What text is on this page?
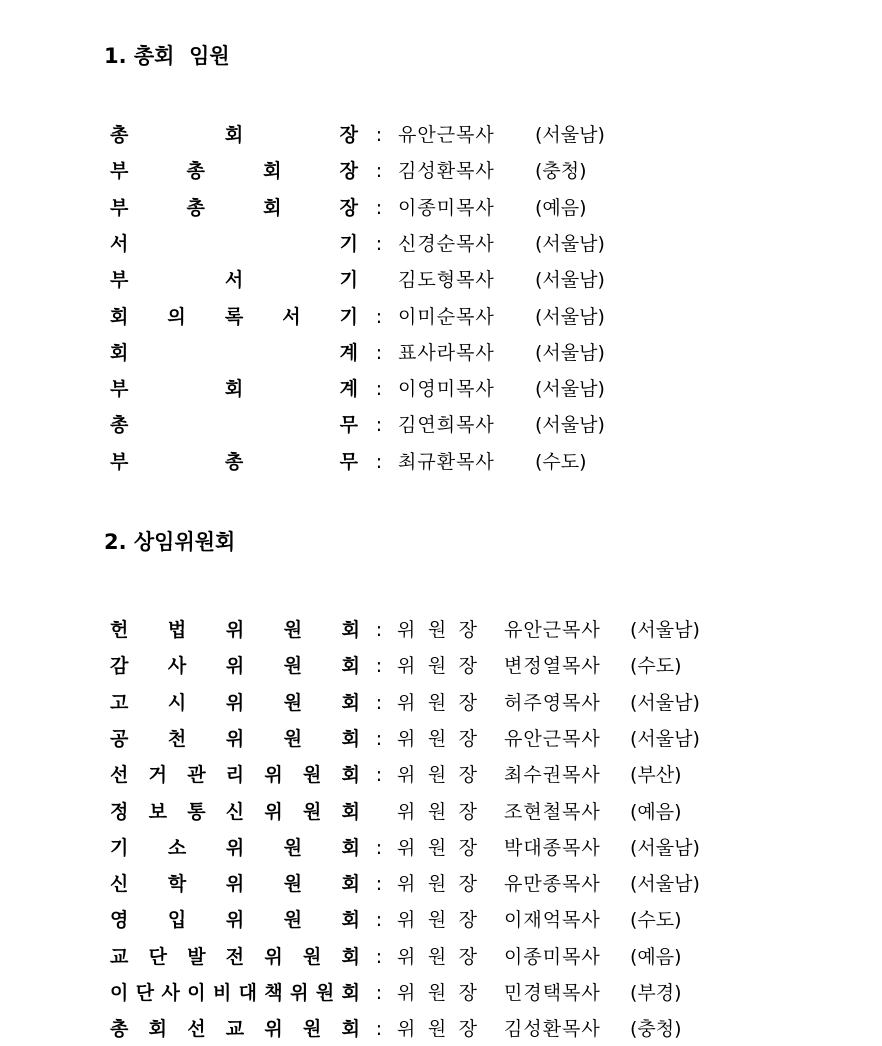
1. 총회  임원
총	회	장 : 유안근목사 (서울남)
부	총	회	장 : 김성환목사 (충청)
부	총	회	장 : 이종미목사 (예음)
서	기 : 신경순목사 (서울남)
부	서	기 김도형목사 (서울남)
회 의 록 서 기 : 이미순목사 (서울남)
회	계 : 표사라목사 (서울남)
부	회	계 : 이영미목사 (서울남)
총	무 : 김연희목사 (서울남)
부	총	무 : 최규환목사 (수도)
2. 상임위원회
헌 법 위 원 회 : 위 원 장 유안근목사 (서울남)
감 사 위 원 회 : 위 원 장 변정열목사 (수도)
고 시 위 원 회 : 위 원 장 허주영목사 (서울남)
공 천 위 원 회 : 위 원 장 유안근목사 (서울남)
선 거 관 리 위 원 회 : 위 원 장 최수권목사 (부산)
정 보 통 신 위 원 회 위 원 장 조현철목사 (예음)
기 소 위 원 회 : 위 원 장 박대종목사 (서울남)
신 학 위 원 회 : 위 원 장 유만종목사 (서울남)
영 입 위 원 회 : 위 원 장 이재억목사 (수도)
교 단 발 전 위 원 회 : 위 원 장 이종미목사 (예음)
이 단 사 이 비 대 책 위 원 회 : 위 원 장 민경택목사 (부경)
총 회 선 교 위 원 회 : 위 원 장 김성환목사 (충청)
